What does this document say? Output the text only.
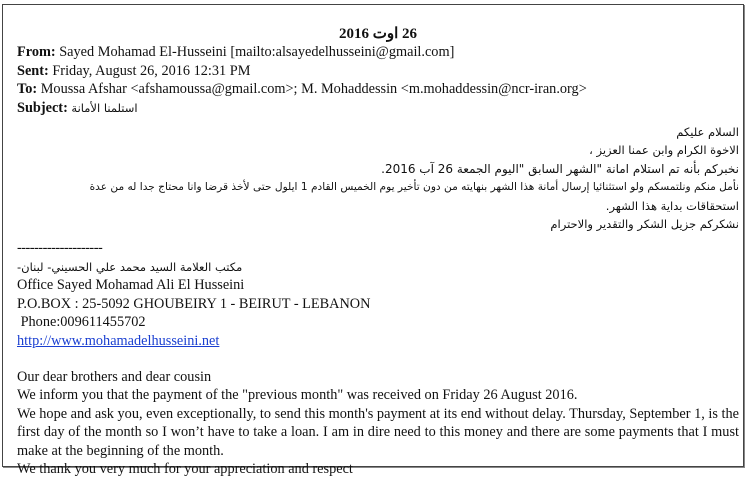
26 اوت 2016
From: Sayed Mohamad El-Husseini [mailto:alsayedelhusseini@gmail.com]
Sent: Friday, August 26, 2016 12:31 PM
To: Moussa Afshar <afshamoussa@gmail.com>; M. Mohaddessin <m.mohaddessin@ncr-iran.org>
Subject: استلمنا الأمانة
السلام عليكم
الاخوة الكرام وابن عمنا العزيز ،
نخبركم بأنه تم استلام امانة "الشهر السابق "اليوم الجمعة 26 آب 2016.
نأمل منكم ونلتمسكم ولو استثنائيا إرسال أمانة هذا الشهر بنهايته من دون تأخير يوم الخميس القادم 1 ايلول حتى لأخذ قرضا وانا محتاج جدا له من عدة
استحقاقات بداية هذا الشهر.
نشكركم جزيل الشكر والتقدير والاحترام
--------------------
مكتب العلامة السيد محمد علي الحسيني- لبنان-
Office Sayed Mohamad Ali El Husseini
P.O.BOX : 25-5092 GHOUBEIRY 1 - BEIRUT - LEBANON
Phone:009611455702
http://www.mohamadelhusseini.net

Our dear brothers and dear cousin

We inform you that the payment of the "previous month" was received on Friday 26 August 2016.

We hope and ask you, even exceptionally, to send this month's payment at its end without delay. Thursday, September 1, is the first day of the month so I won’t have to take a loan. I am in dire need to this money and there are some payments that I must make at the beginning of the month.

We thank you very much for your appreciation and respect
